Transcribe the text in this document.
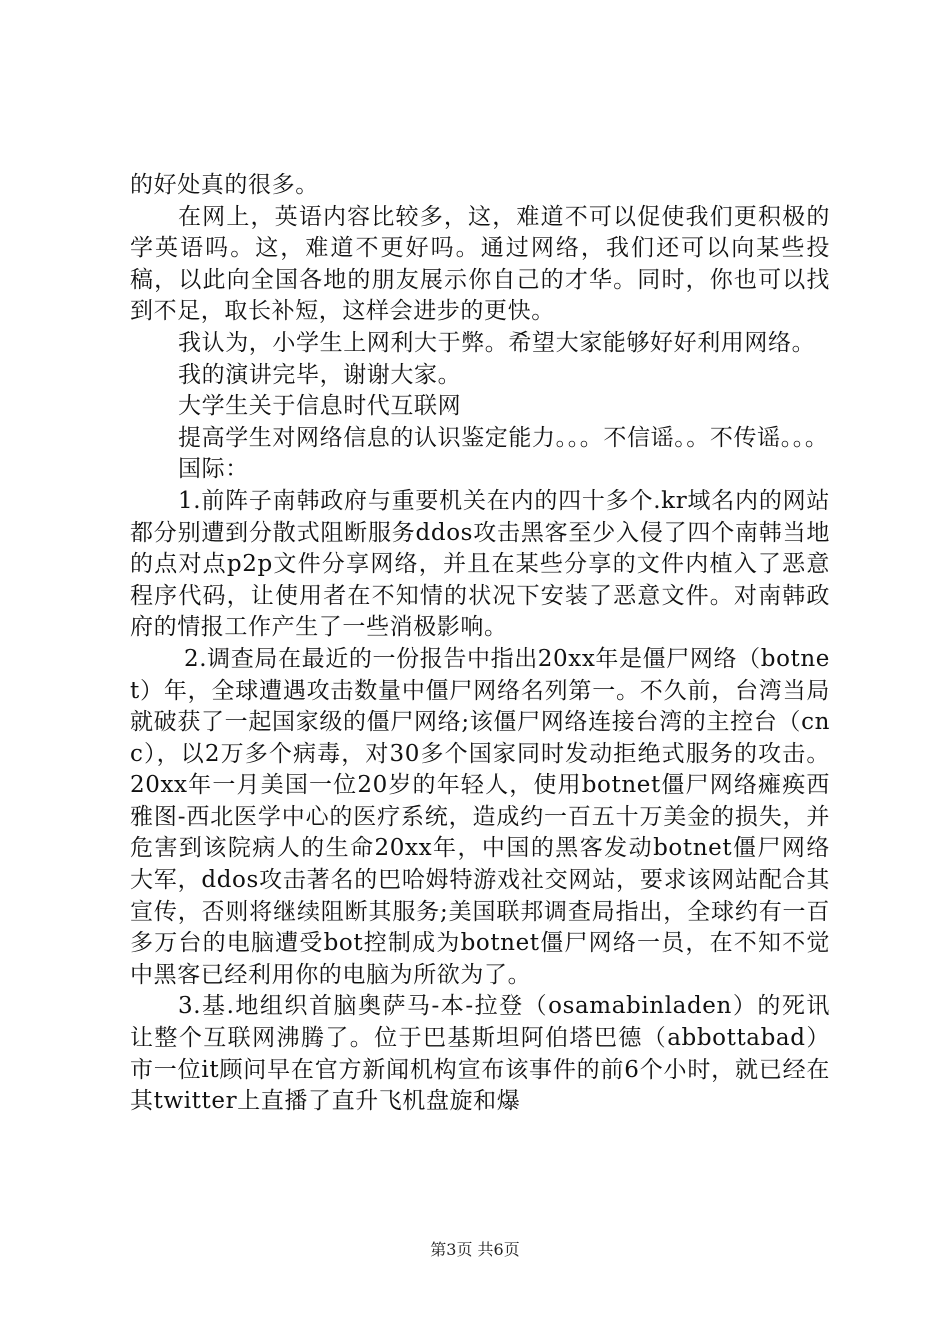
的好处真的很多。

在网上，英语内容比较多，这，难道不可以促使我们更积极的学英语吗。这，难道不更好吗。通过网络，我们还可以向某些投稿，以此向全国各地的朋友展示你自己的才华。同时，你也可以找到不足，取长补短，这样会进步的更快。

我认为，小学生上网利大于弊。希望大家能够好好利用网络。

我的演讲完毕，谢谢大家。

大学生关于信息时代互联网

提高学生对网络信息的认识鉴定能力。。。不信谣。。不传谣。。。

国际：

1.前阵子南韩政府与重要机关在内的四十多个.kr域名内的网站都分别遭到分散式阻断服务ddos攻击黑客至少入侵了四个南韩当地的点对点p2p文件分享网络，并且在某些分享的文件内植入了恶意程序代码，让使用者在不知情的状况下安装了恶意文件。对南韩政府的情报工作产生了一些消极影响。

2.调查局在最近的一份报告中指出20xx年是僵尸网络（botnet）年，全球遭遇攻击数量中僵尸网络名列第一。不久前，台湾当局就破获了一起国家级的僵尸网络;该僵尸网络连接台湾的主控台（cnc），以2万多个病毒，对30多个国家同时发动拒绝式服务的攻击。20xx年一月美国一位20岁的年轻人，使用botnet僵尸网络瘫痪西雅图-西北医学中心的医疗系统，造成约一百五十万美金的损失，并危害到该院病人的生命20xx年，中国的黑客发动botnet僵尸网络大军，ddos攻击著名的巴哈姆特游戏社交网站，要求该网站配合其宣传，否则将继续阻断其服务;美国联邦调查局指出，全球约有一百多万台的电脑遭受bot控制成为botnet僵尸网络一员，在不知不觉中黑客已经利用你的电脑为所欲为了。

3.基.地组织首脑奥萨马-本-拉登（osamabinladen）的死讯让整个互联网沸腾了。位于巴基斯坦阿伯塔巴德（abbottabad）市一位it顾问早在官方新闻机构宣布该事件的前6个小时，就已经在其twitter上直播了直升飞机盘旋和爆

第3页 共6页
